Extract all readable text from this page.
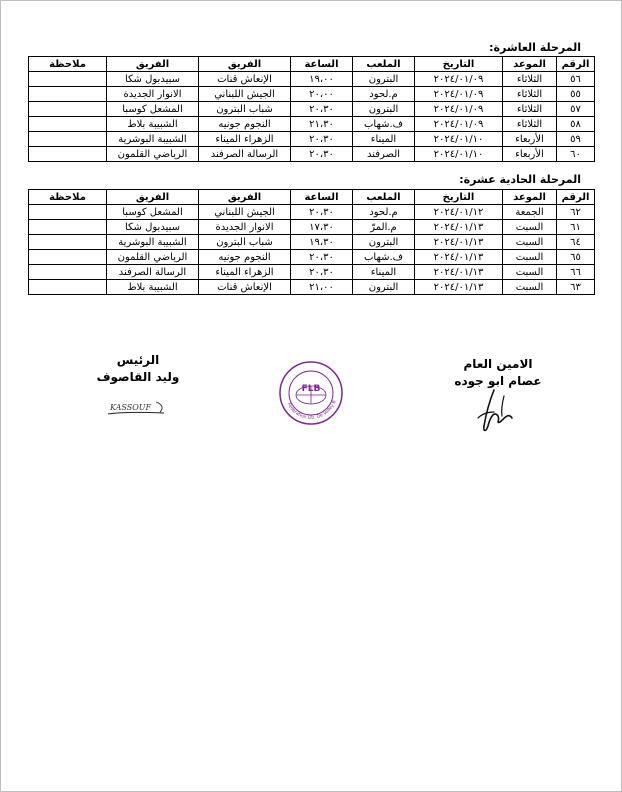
المرحلة العاشرة:
الرقم	الموعد	التاريخ	الملعب	الساعة	الفريق	الفريق	ملاحظة
٥٦	الثلاثاء	٢٠٢٤/٠١/٠٩	البترون	١٩،٠٠	الإنعاش قنات	سبيدبول شكا	
٥٥	الثلاثاء	٢٠٢٤/٠١/٠٩	م.لحود	٢٠،٠٠	الجيش اللبناني	الانوار الجديدة	
٥٧	الثلاثاء	٢٠٢٤/٠١/٠٩	البترون	٢٠،٣٠	شباب البترون	المشعل كوسبا	
٥٨	الثلاثاء	٢٠٢٤/٠١/٠٩	ف.شهاب	٢١،٣٠	النجوم جونيه	الشبيبة بلاط	
٥٩	الأربعاء	٢٠٢٤/٠١/١٠	الميناء	٢٠،٣٠	الزهراء الميناء	الشبيبة البوشرية	
٦٠	الأربعاء	٢٠٢٤/٠١/١٠	الصرفند	٢٠،٣٠	الرسالة الصرفند	الرياضي القلمون	
المرحلة الحادية عشرة:
الرقم	الموعد	التاريخ	الملعب	الساعة	الفريق	الفريق	ملاحظة
٦٢	الجمعة	٢٠٢٤/٠١/١٢	م.لحود	٢٠،٣٠	الجيش اللبناني	المشعل كوسبا	
٦١	السبت	٢٠٢٤/٠١/١٣	م.المرّ	١٧،٣٠	الانوار الجديدة	سبيدبول شكا	
٦٤	السبت	٢٠٢٤/٠١/١٣	البترون	١٩،٣٠	شباب البترون	الشبيبة البوشرية	
٦٥	السبت	٢٠٢٤/٠١/١٣	ف.شهاب	٢٠،٣٠	النجوم جونيه	الرياضي القلمون	
٦٦	السبت	٢٠٢٤/٠١/١٣	الميناء	٢٠،٣٠	الزهراء الميناء	الرسالة الصرفند	
٦٣	السبت	٢٠٢٤/٠١/١٣	البترون	٢١،٠٠	الإنعاش قنات	الشبيبة بلاط	
الامين العام
عصام ابو جوده
FLB
Federation Lib. De Volley B
الرئيس
وليد القاصوف
KASSOUF
